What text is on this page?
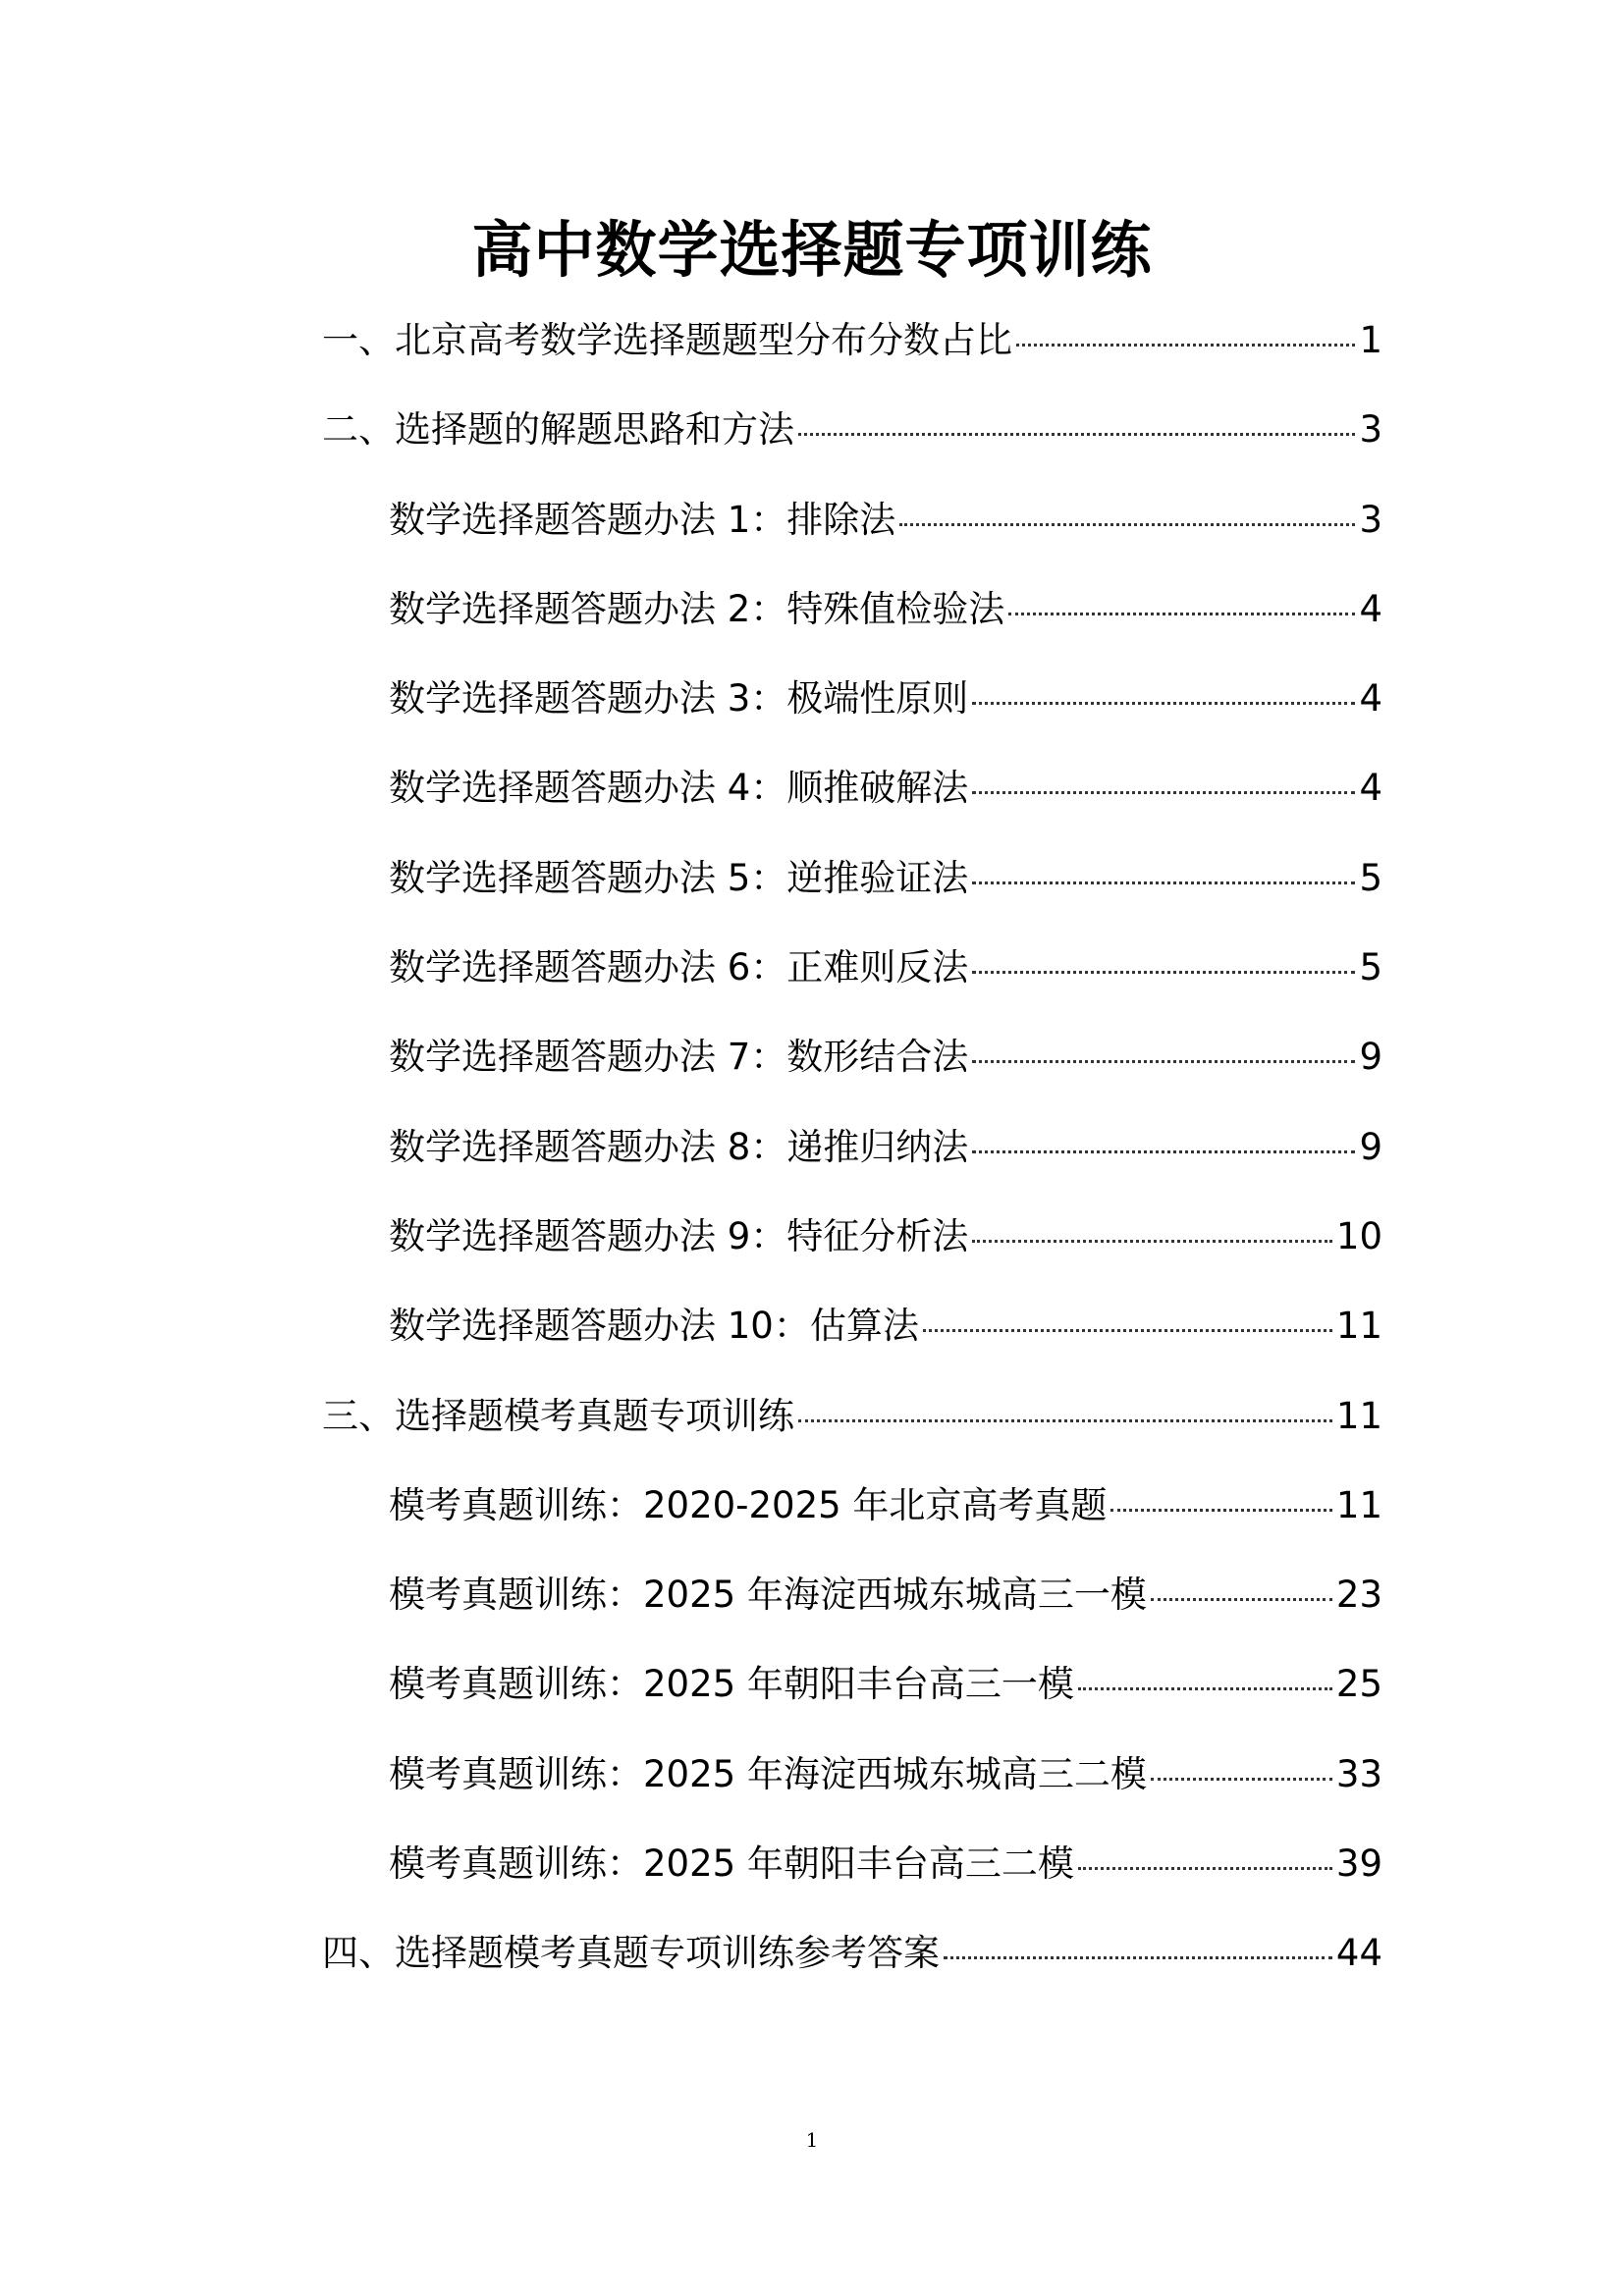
高中数学选择题专项训练
一、北京高考数学选择题题型分布分数占比	1
二、选择题的解题思路和方法	3
数学选择题答题办法 1：排除法	3
数学选择题答题办法 2：特殊值检验法	4
数学选择题答题办法 3：极端性原则	4
数学选择题答题办法 4：顺推破解法	4
数学选择题答题办法 5：逆推验证法	5
数学选择题答题办法 6：正难则反法	5
数学选择题答题办法 7：数形结合法	9
数学选择题答题办法 8：递推归纳法	9
数学选择题答题办法 9：特征分析法	10
数学选择题答题办法 10：估算法	11
三、选择题模考真题专项训练	11
模考真题训练：2020-2025 年北京高考真题	11
模考真题训练：2025 年海淀西城东城高三一模	23
模考真题训练：2025 年朝阳丰台高三一模	25
模考真题训练：2025 年海淀西城东城高三二模	33
模考真题训练：2025 年朝阳丰台高三二模	39
四、选择题模考真题专项训练参考答案	44
1
